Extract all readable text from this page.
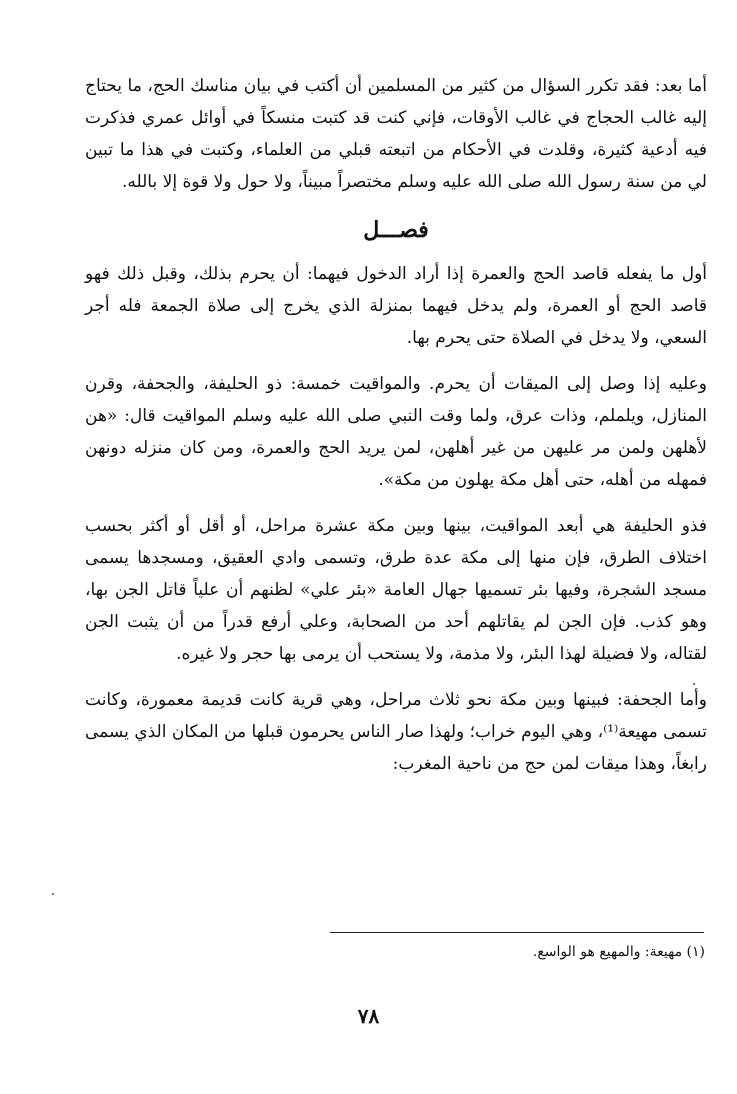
أما بعد: فقد تكرر السؤال من كثير من المسلمين أن أكتب في بيان مناسك الحج، ما يحتاج إليه غالب الحجاج في غالب الأوقات، فإني كنت قد كتبت منسكاً في أوائل عمري فذكرت فيه أدعية كثيرة، وقلدت في الأحكام من اتبعته قبلي من العلماء، وكتبت في هذا ما تبين لي من سنة رسول الله صلى الله عليه وسلم مختصراً مبيناً، ولا حول ولا قوة إلا بالله.

فصـــل

أول ما يفعله قاصد الحج والعمرة إذا أراد الدخول فيهما: أن يحرم بذلك، وقبل ذلك فهو قاصد الحج أو العمرة، ولم يدخل فيهما بمنزلة الذي يخرج إلى صلاة الجمعة فله أجر السعي، ولا يدخل في الصلاة حتى يحرم بها.

وعليه إذا وصل إلى الميقات أن يحرم. والمواقيت خمسة: ذو الحليفة، والجحفة، وقرن المنازل، ويلملم، وذات عرق، ولما وقت النبي صلى الله عليه وسلم المواقيت قال: «هن لأهلهن ولمن مر عليهن من غير أهلهن، لمن يريد الحج والعمرة، ومن كان منزله دونهن فمهله من أهله، حتى أهل مكة يهلون من مكة».

فذو الحليفة هي أبعد المواقيت، بينها وبين مكة عشرة مراحل، أو أقل أو أكثر بحسب اختلاف الطرق، فإن منها إلى مكة عدة طرق، وتسمى وادي العقيق، ومسجدها يسمى مسجد الشجرة، وفيها بئر تسميها جهال العامة «بئر علي» لظنهم أن علياً قاتل الجن بها، وهو كذب. فإن الجن لم يقاتلهم أحد من الصحابة، وعلي أرفع قدراً من أن يثبت الجن لقتاله، ولا فضيلة لهذا البئر، ولا مذمة، ولا يستحب أن يرمى بها حجر ولا غيره.

وأما الجحفة: فبينها وبين مكة نحو ثلاث مراحل، وهي قرية كانت قديمة معمورة، وكانت تسمى مهيعة⁽¹⁾، وهي اليوم خراب؛ ولهذا صار الناس يحرمون قبلها من المكان الذي يسمى رابغاً، وهذا ميقات لمن حج من ناحية المغرب:

(١) مهيعة: والمهيع هو الواسع.
٧٨
